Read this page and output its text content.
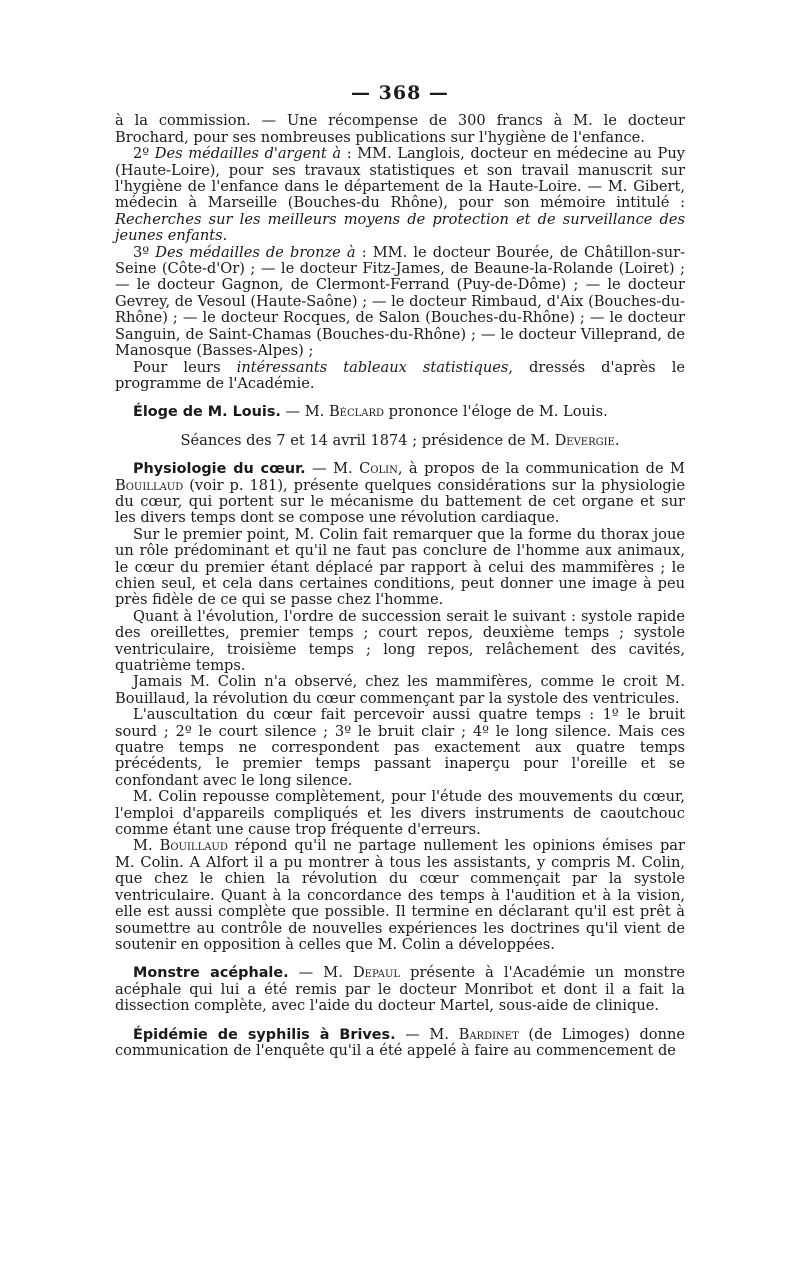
— 368 —

à la commission. — Une récompense de 300 francs à M. le docteur Brochard, pour ses nombreuses publications sur l'hygiène de l'enfance.

2º Des médailles d'argent à : MM. Langlois, docteur en médecine au Puy (Haute-Loire), pour ses travaux statistiques et son travail manuscrit sur l'hygiène de l'enfance dans le département de la Haute-Loire. — M. Gibert, médecin à Marseille (Bouches-du Rhône), pour son mémoire intitulé : Recherches sur les meilleurs moyens de protection et de surveillance des jeunes enfants.

3º Des médailles de bronze à : MM. le docteur Bourée, de Châtillon-sur-Seine (Côte-d'Or) ; — le docteur Fitz-James, de Beaune-la-Rolande (Loiret) ; — le docteur Gagnon, de Clermont-Ferrand (Puy-de-Dôme) ; — le docteur Gevrey, de Vesoul (Haute-Saône) ; — le docteur Rimbaud, d'Aix (Bouches-du-Rhône) ; — le docteur Rocques, de Salon (Bouches-du-Rhône) ; — le docteur Sanguin, de Saint-Chamas (Bouches-du-Rhône) ; — le docteur Villeprand, de Manosque (Basses-Alpes) ;

Pour leurs intéressants tableaux statistiques, dressés d'après le programme de l'Académie.

Éloge de M. Louis. — M. Béclard prononce l'éloge de M. Louis.

Séances des 7 et 14 avril 1874 ; présidence de M. Devergie.

Physiologie du cœur. — M. Colin, à propos de la communication de M Bouillaud (voir p. 181), présente quelques considérations sur la physiologie du cœur, qui portent sur le mécanisme du battement de cet organe et sur les divers temps dont se compose une révolution cardiaque.

Sur le premier point, M. Colin fait remarquer que la forme du thorax joue un rôle prédominant et qu'il ne faut pas conclure de l'homme aux animaux, le cœur du premier étant déplacé par rapport à celui des mammifères ; le chien seul, et cela dans certaines conditions, peut donner une image à peu près fidèle de ce qui se passe chez l'homme.

Quant à l'évolution, l'ordre de succession serait le suivant : systole rapide des oreillettes, premier temps ; court repos, deuxième temps ; systole ventriculaire, troisième temps ; long repos, relâchement des cavités, quatrième temps.

Jamais M. Colin n'a observé, chez les mammifères, comme le croit M. Bouillaud, la révolution du cœur commençant par la systole des ventricules.

L'auscultation du cœur fait percevoir aussi quatre temps : 1º le bruit sourd ; 2º le court silence ; 3º le bruit clair ; 4º le long silence. Mais ces quatre temps ne correspondent pas exactement aux quatre temps précédents, le premier temps passant inaperçu pour l'oreille et se confondant avec le long silence.

M. Colin repousse complètement, pour l'étude des mouvements du cœur, l'emploi d'appareils compliqués et les divers instruments de caoutchouc comme étant une cause trop fréquente d'erreurs.

M. Bouillaud répond qu'il ne partage nullement les opinions émises par M. Colin. A Alfort il a pu montrer à tous les assistants, y compris M. Colin, que chez le chien la révolution du cœur commençait par la systole ventriculaire. Quant à la concordance des temps à l'audition et à la vision, elle est aussi complète que possible. Il termine en déclarant qu'il est prêt à soumettre au contrôle de nouvelles expériences les doctrines qu'il vient de soutenir en opposition à celles que M. Colin a développées.

Monstre acéphale. — M. Depaul présente à l'Académie un monstre acéphale qui lui a été remis par le docteur Monribot et dont il a fait la dissection complète, avec l'aide du docteur Martel, sous-aide de clinique.

Épidémie de syphilis à Brives. — M. Bardinet (de Limoges) donne communication de l'enquête qu'il a été appelé à faire au commencement de
